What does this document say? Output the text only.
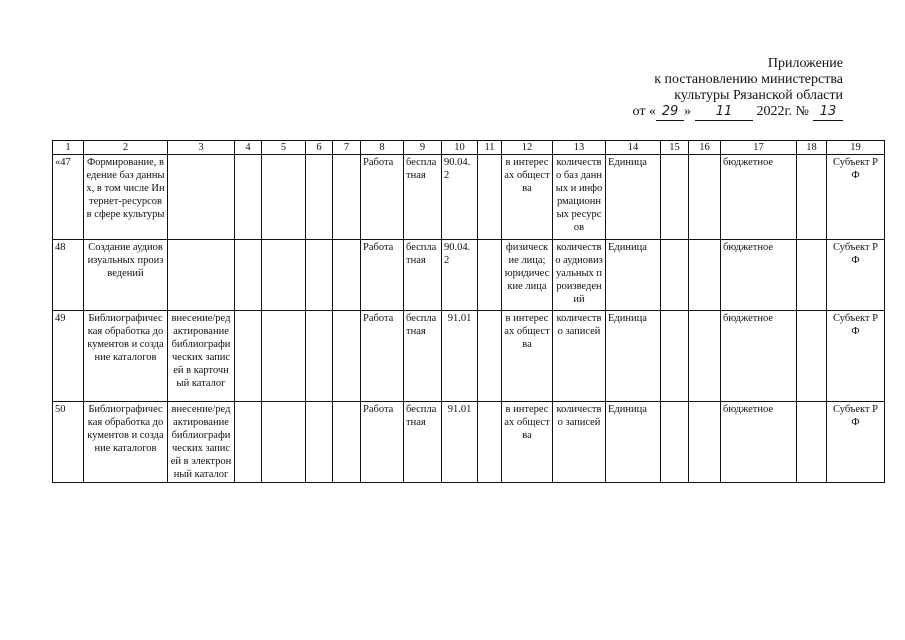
Приложение
к постановлению министерства
культуры Рязанской области
от « 29 » 11 2022г. № 13
1	2	3	4	5	6	7	8	9	10	11	12	13	14	15	16	17	18	19
«47	Формирование, ведение баз данных, в том числе Интернет-ресурсов в сфере культуры						Работа	бесплатная	90.04.2		в интересах общества	количество баз данных и информационных ресурсов	Единица			бюджетное		Субъект РФ
48	Создание аудиовизуальных произведений						Работа	бесплатная	90.04.2		физические лица; юридические лица	количество аудиовизуальных произведений	Единица			бюджетное		Субъект РФ
49	Библиографическая обработка документов и создание каталогов	внесение/редактирование библиографических записей в карточный каталог					Работа	бесплатная	91.01		в интересах общества	количество записей	Единица			бюджетное		Субъект РФ
50	Библиографическая обработка документов и создание каталогов	внесение/редактирование библиографических записей в электронный каталог					Работа	бесплатная	91.01		в интересах общества	количество записей	Единица			бюджетное		Субъект РФ
